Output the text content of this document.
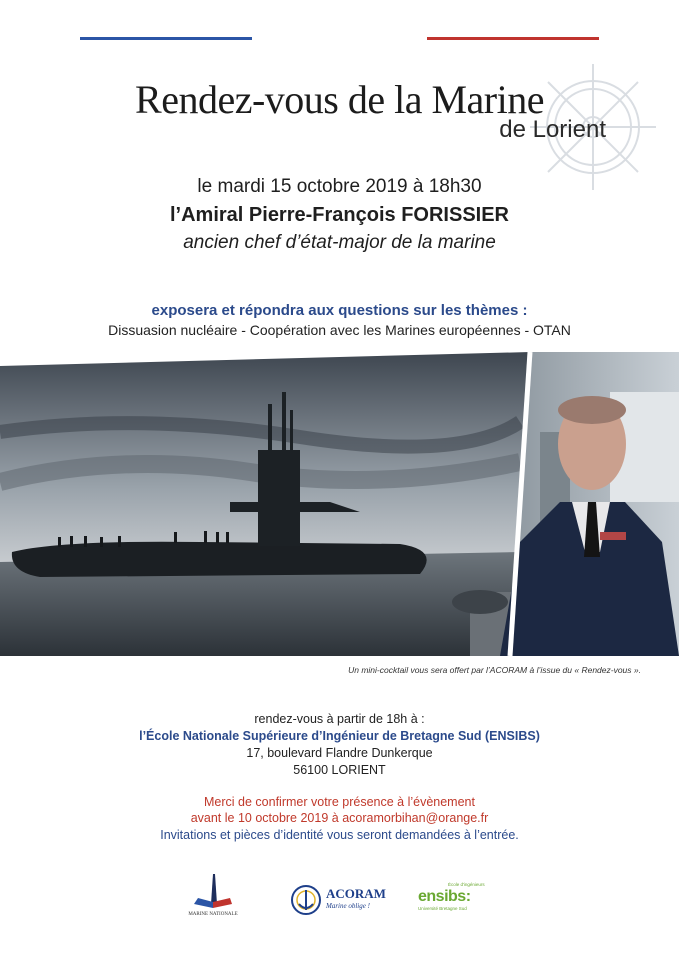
Rendez-vous de la Marine
de Lorient
le mardi 15 octobre 2019 à 18h30
l’Amiral Pierre-François FORISSIER
ancien chef d’état-major de la marine
exposera et répondra aux questions sur les thèmes :
Dissuasion nucléaire - Coopération avec les Marines européennes - OTAN
Un mini-cocktail vous sera offert par l’ACORAM à l’issue du « Rendez-vous ».
rendez-vous à partir de 18h à :
l’École Nationale Supérieure d’Ingénieur de Bretagne Sud (ENSIBS)
17, boulevard Flandre Dunkerque
56100 LORIENT
Merci de confirmer votre présence à l’évènement
avant le 10 octobre 2019 à acoramorbihan@orange.fr
Invitations et pièces d’identité vous seront demandées à l’entrée.
MARINE NATIONALE
ACORAM
Marine oblige !
École d'ingénieurs
ensibs:
Université Bretagne Sud
